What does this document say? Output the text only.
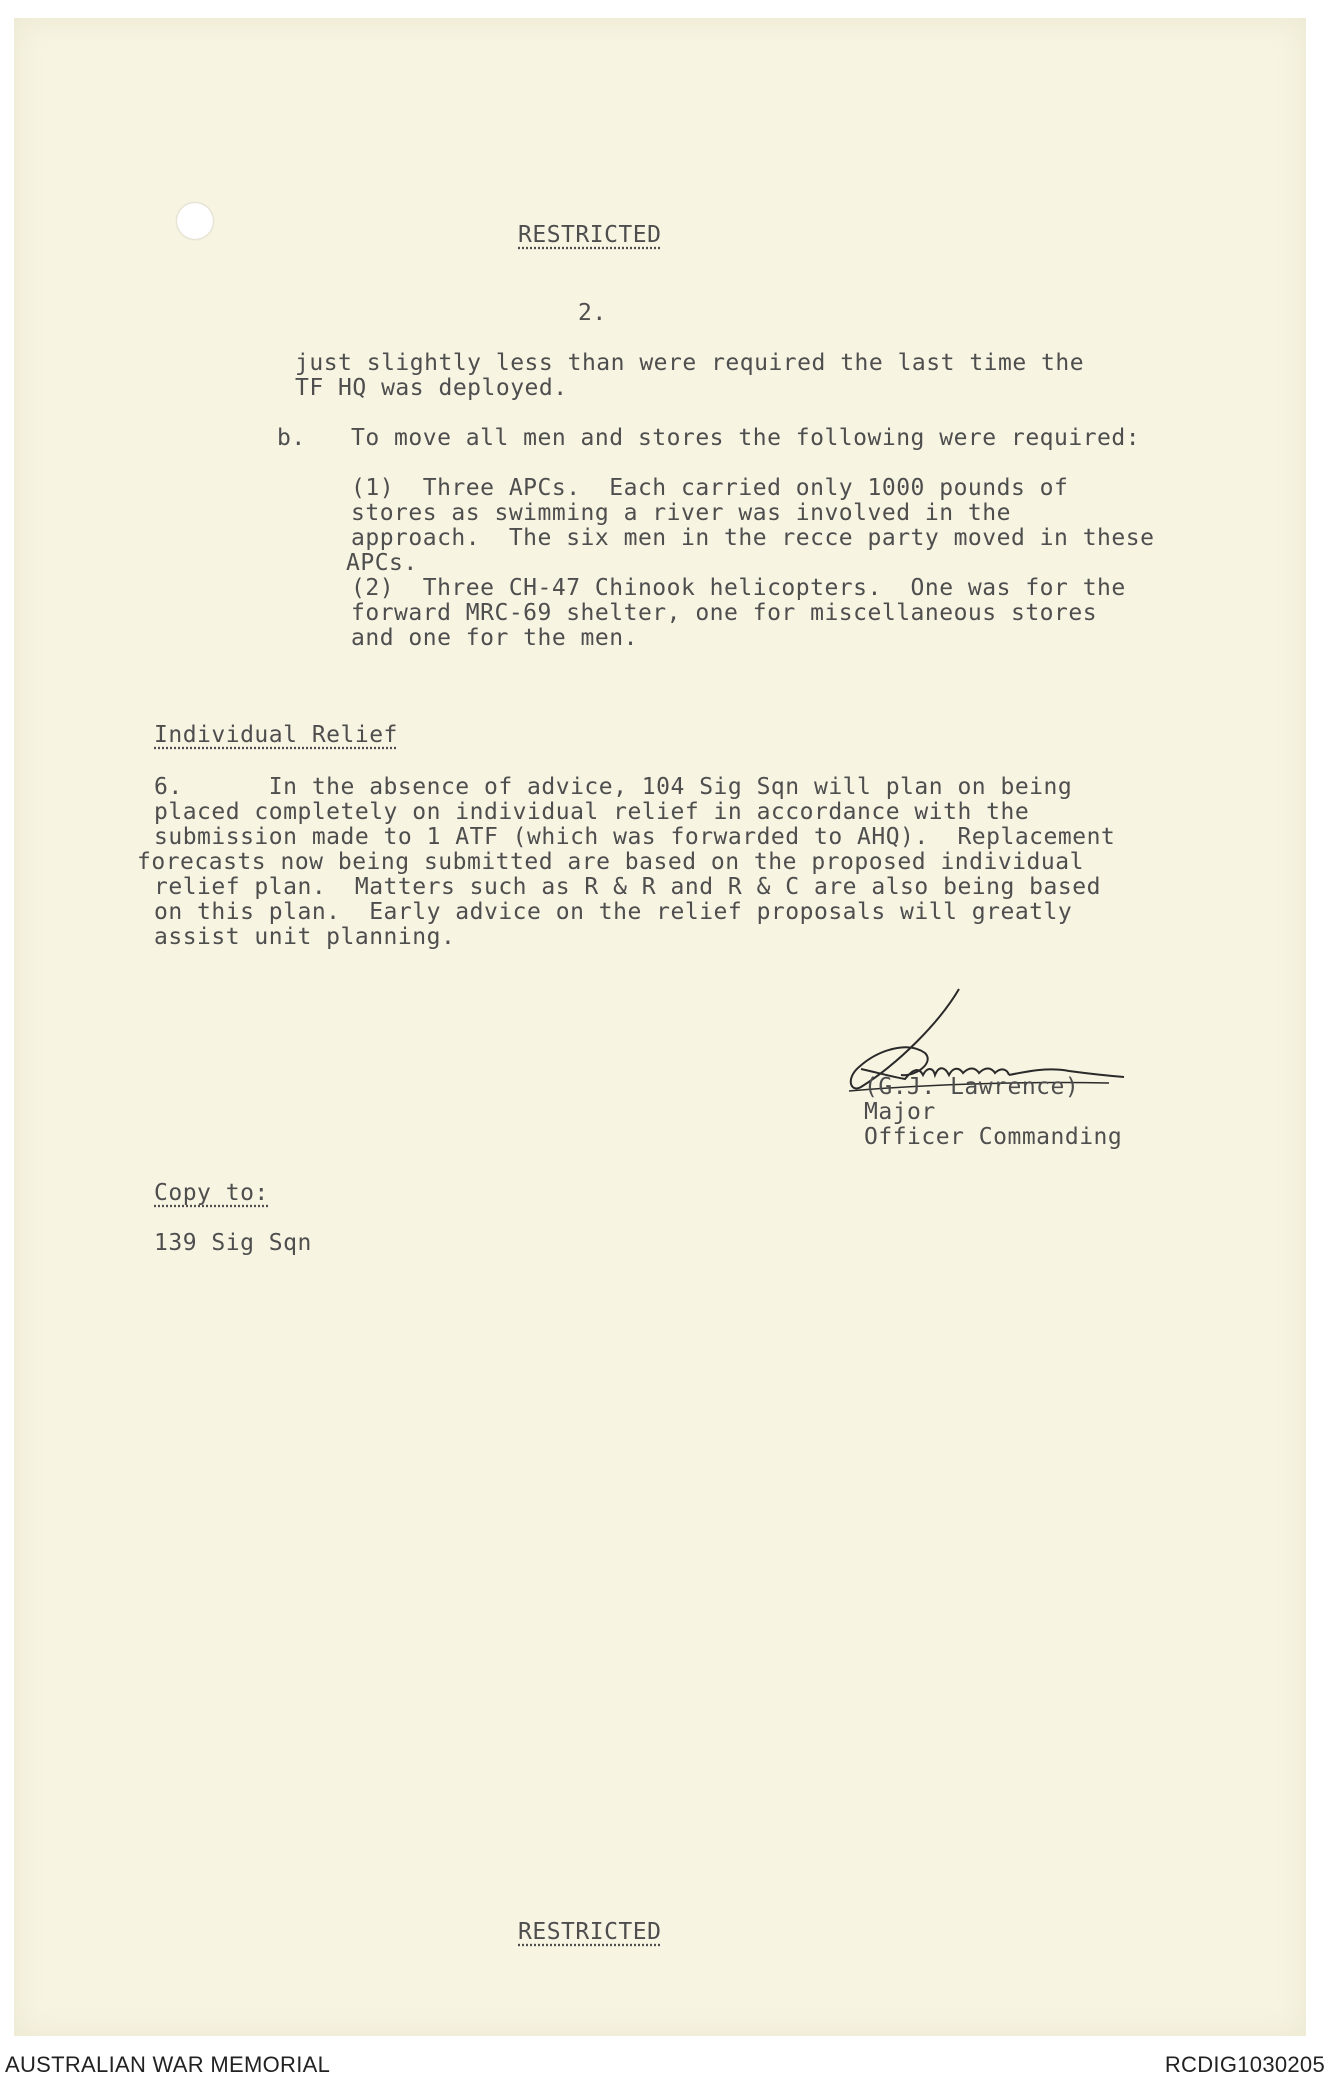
RESTRICTED
2.
just slightly less than were required the last time the
TF HQ was deployed.
b. To move all men and stores the following were required:
(1)  Three APCs.  Each carried only 1000 pounds of
stores as swimming a river was involved in the
approach.  The six men in the recce party moved in these
APCs.
(2)  Three CH-47 Chinook helicopters.  One was for the
forward MRC-69 shelter, one for miscellaneous stores
and one for the men.
Individual Relief
6.      In the absence of advice, 104 Sig Sqn will plan on being
placed completely on individual relief in accordance with the
submission made to 1 ATF (which was forwarded to AHQ).  Replacement
forecasts now being submitted are based on the proposed individual
relief plan.  Matters such as R & R and R & C are also being based
on this plan.  Early advice on the relief proposals will greatly
assist unit planning.
(G.J. Lawrence)
Major
Officer Commanding
Copy to:
139 Sig Sqn
RESTRICTED
AUSTRALIAN WAR MEMORIAL	RCDIG1030205
